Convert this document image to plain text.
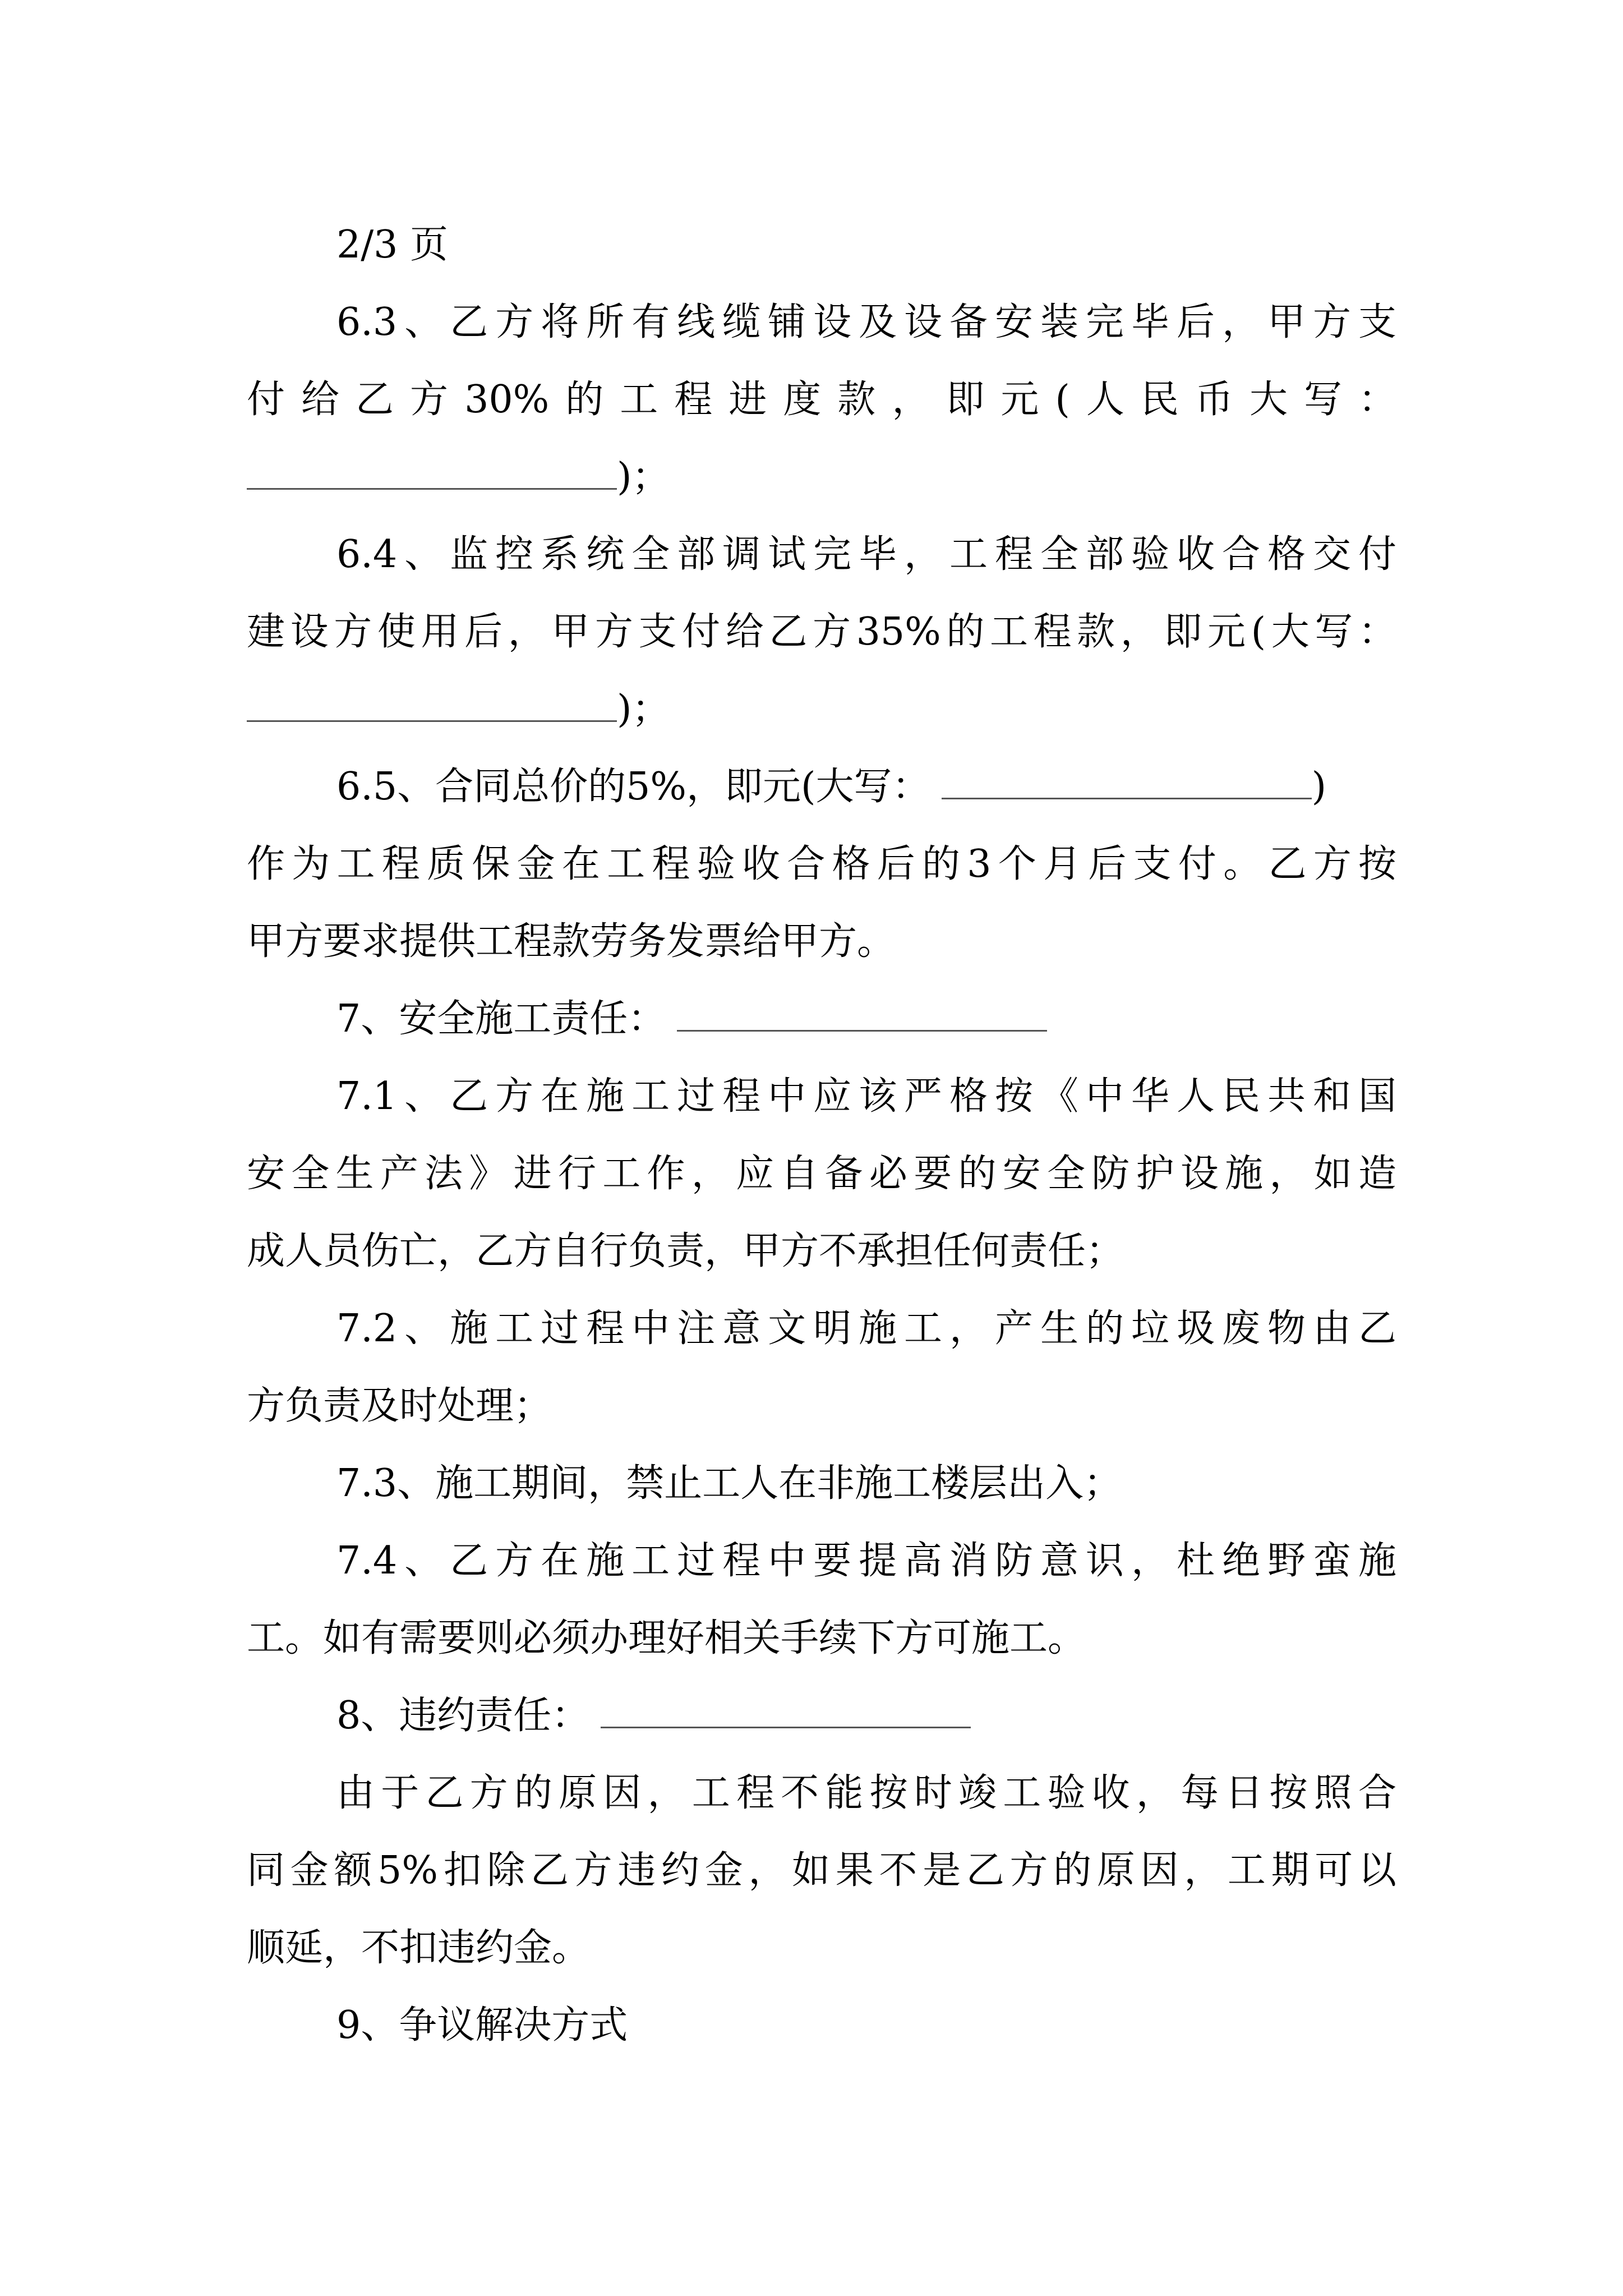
2/3 页
6.3、乙方将所有线缆铺设及设备安装完毕后，甲方支
付给乙方30%的工程进度款，即元(人民币大写：
)；
6.4、监控系统全部调试完毕，工程全部验收合格交付
建设方使用后，甲方支付给乙方35%的工程款，即元(大写：
)；
6.5、合同总价的5%，即元(大写：	)
作为工程质保金在工程验收合格后的3个月后支付。乙方按
甲方要求提供工程款劳务发票给甲方。
7、安全施工责任：
7.1、乙方在施工过程中应该严格按《中华人民共和国
安全生产法》进行工作，应自备必要的安全防护设施，如造
成人员伤亡，乙方自行负责，甲方不承担任何责任；
7.2、施工过程中注意文明施工，产生的垃圾废物由乙
方负责及时处理；
7.3、施工期间，禁止工人在非施工楼层出入；
7.4、乙方在施工过程中要提高消防意识，杜绝野蛮施
工。如有需要则必须办理好相关手续下方可施工。
8、违约责任：
由于乙方的原因，工程不能按时竣工验收，每日按照合
同金额5%扣除乙方违约金，如果不是乙方的原因，工期可以
顺延，不扣违约金。
9、争议解决方式
